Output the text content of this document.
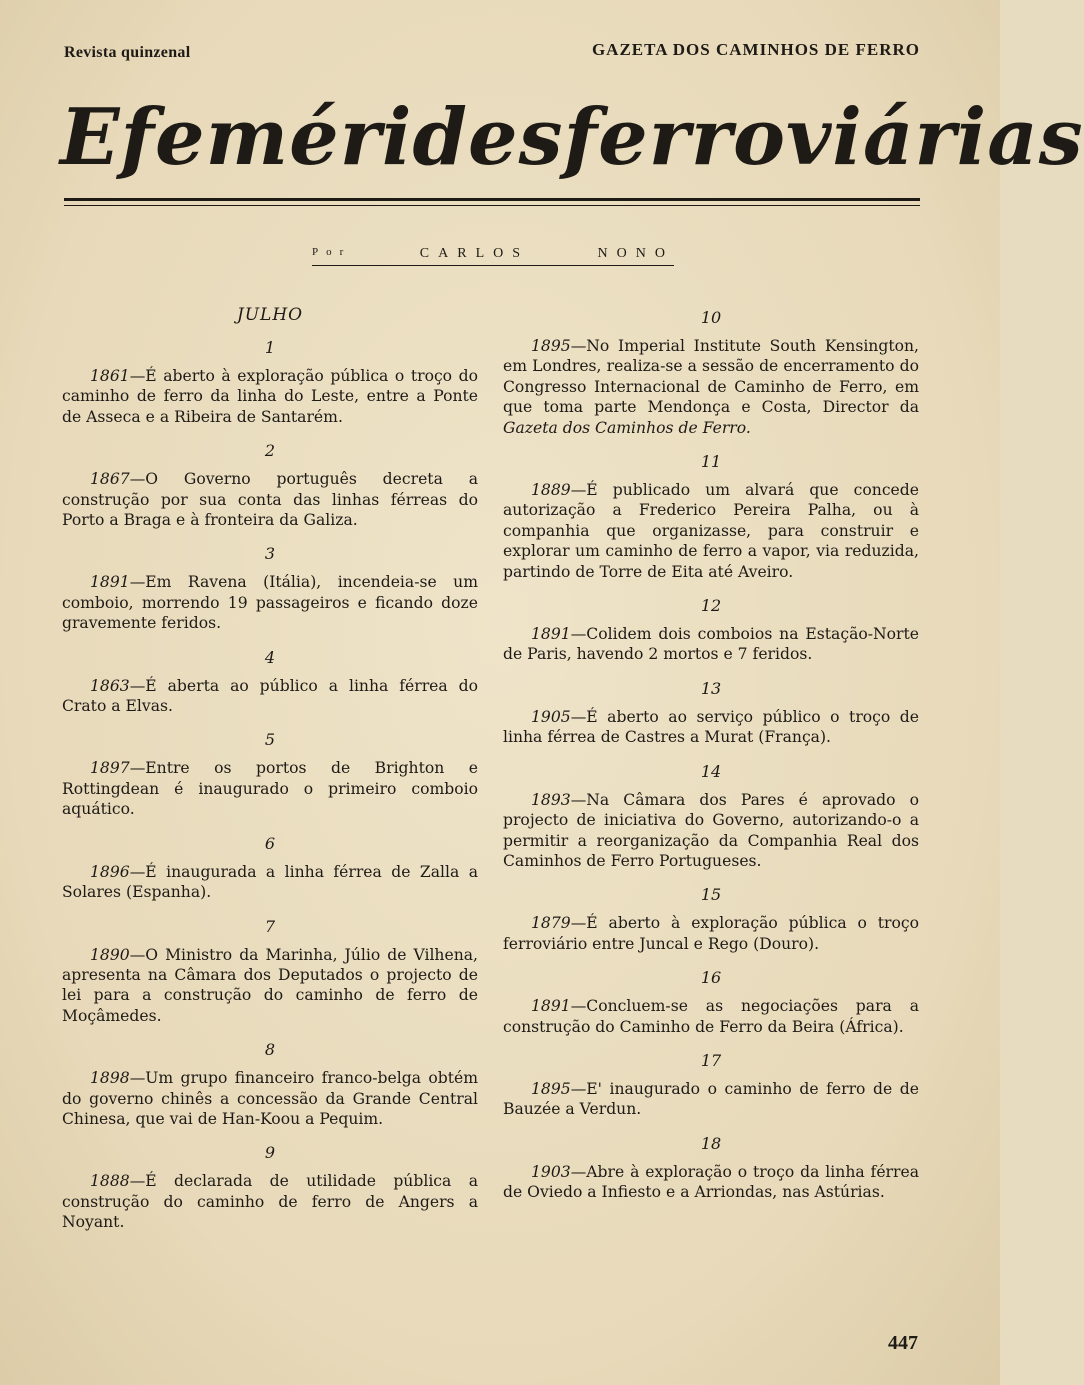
Revista quinzenal	GAZETA DOS CAMINHOS DE FERRO
Efemérides ferroviárias
Por	CARLOS	NONO
JULHO
1

1861—É aberto à exploração pública o troço do caminho de ferro da linha do Leste, entre a Ponte de Asseca e a Ribeira de Santarém.

2

1867—O Governo português decreta a construção por sua conta das linhas férreas do Porto a Braga e à fronteira da Galiza.

3

1891—Em Ravena (Itália), incendeia-se um comboio, morrendo 19 passageiros e ficando doze gravemente feridos.

4

1863—É aberta ao público a linha férrea do Crato a Elvas.

5

1897—Entre os portos de Brighton e Rottingdean é inaugurado o primeiro comboio aquático.

6

1896—É inaugurada a linha férrea de Zalla a Solares (Espanha).

7

1890—O Ministro da Marinha, Júlio de Vilhena, apresenta na Câmara dos Deputados o projecto de lei para a construção do caminho de ferro de Moçâmedes.

8

1898—Um grupo financeiro franco-belga obtém do governo chinês a concessão da Grande Central Chinesa, que vai de Han-Koou a Pequim.

9

1888—É declarada de utilidade pública a construção do caminho de ferro de Angers a Noyant.

10

1895—No Imperial Institute South Kensington, em Londres, realiza-se a sessão de encerramento do Congresso Internacional de Caminho de Ferro, em que toma parte Mendonça e Costa, Director da Gazeta dos Caminhos de Ferro.

11

1889—É publicado um alvará que concede autorização a Frederico Pereira Palha, ou à companhia que organizasse, para construir e explorar um caminho de ferro a vapor, via reduzida, partindo de Torre de Eita até Aveiro.

12

1891—Colidem dois comboios na Estação-Norte de Paris, havendo 2 mortos e 7 feridos.

13

1905—É aberto ao serviço público o troço de linha férrea de Castres a Murat (França).

14

1893—Na Câmara dos Pares é aprovado o projecto de iniciativa do Governo, autorizando-o a permitir a reorganização da Companhia Real dos Caminhos de Ferro Portugueses.

15

1879—É aberto à exploração pública o troço ferroviário entre Juncal e Rego (Douro).

16

1891—Concluem-se as negociações para a construção do Caminho de Ferro da Beira (África).

17

1895—E' inaugurado o caminho de ferro de de Bauzée a Verdun.

18

1903—Abre à exploração o troço da linha férrea de Oviedo a Infiesto e a Arriondas, nas Astúrias.

447
